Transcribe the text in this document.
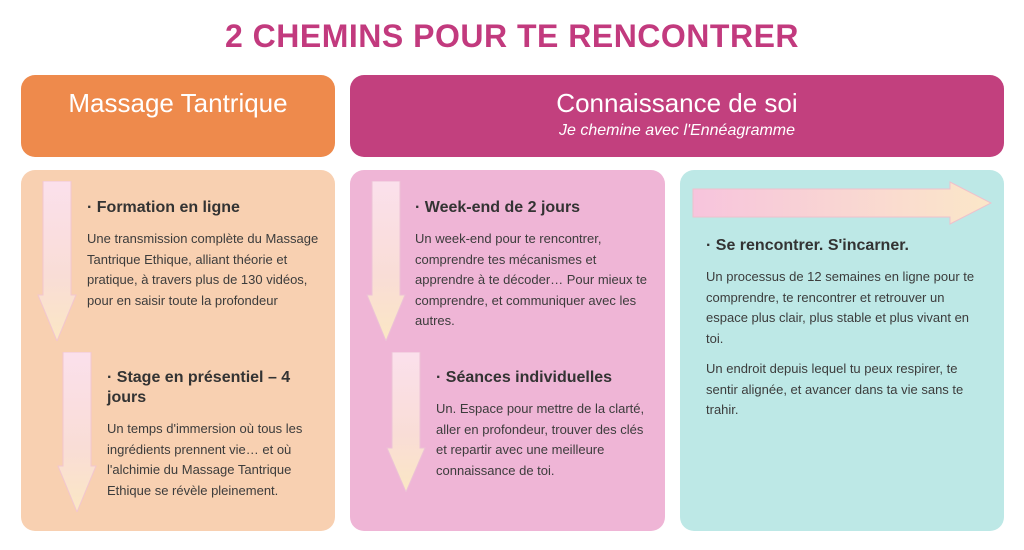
2 CHEMINS POUR TE RENCONTRER
Massage Tantrique	Connaissance de soi
Je chemine avec l'Ennéagramme
· Formation en ligne
Une transmission complète du Massage Tantrique Ethique, alliant théorie et pratique, à travers plus de 130 vidéos, pour en saisir toute la profondeur
· Stage en présentiel – 4 jours
Un temps d'immersion où tous les ingrédients prennent vie… et où l'alchimie du Massage Tantrique Ethique se révèle pleinement.
· Week-end de 2 jours
Un week-end pour te rencontrer, comprendre tes mécanismes et apprendre à te décoder… Pour mieux te comprendre, et communiquer avec les autres.
· Séances individuelles
Un. Espace pour mettre de la clarté, aller en profondeur, trouver des clés et repartir avec une meilleure connaissance de toi.
· Se rencontrer. S'incarner.
Un processus de 12 semaines en ligne pour te comprendre, te rencontrer et retrouver un espace plus clair, plus stable et plus vivant en toi.
Un endroit depuis lequel tu peux respirer, te sentir alignée, et avancer dans ta vie sans te trahir.
